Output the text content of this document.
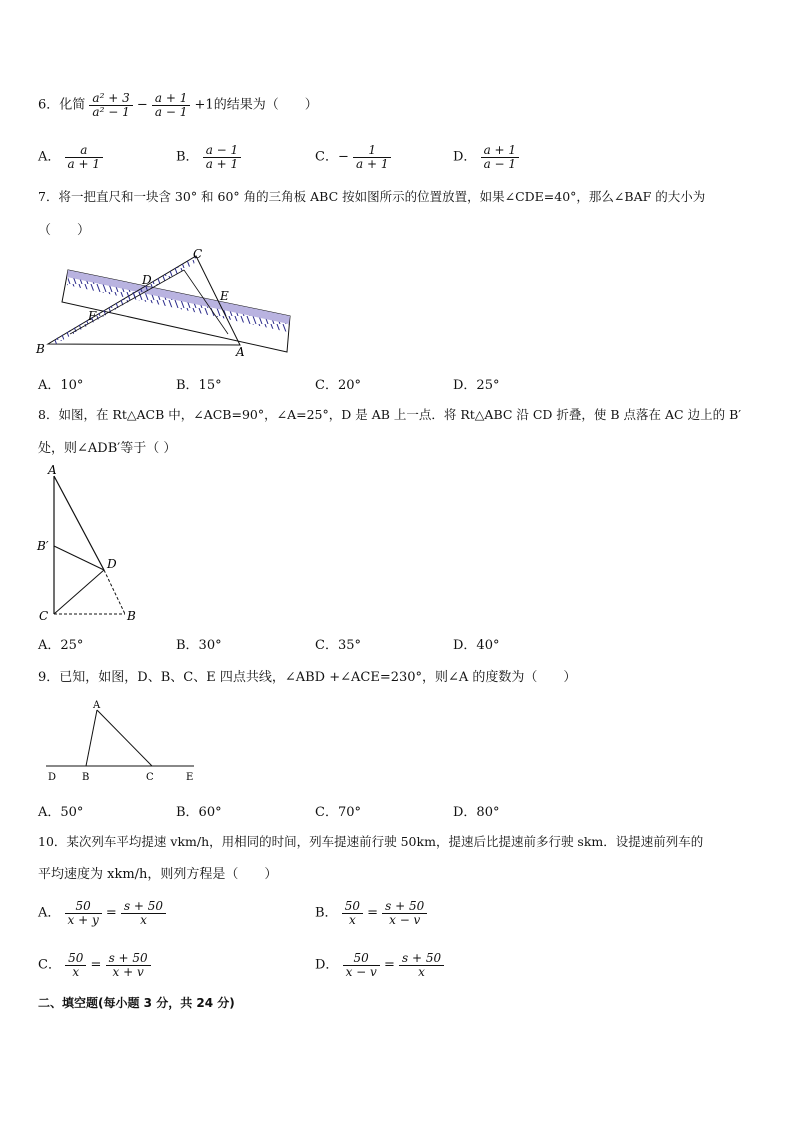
6．化简 $\frac{\text{a² + 3}}{\text{a² − 1}} - \frac{a + 1}{a - 1} +1$的结果为（　　）
A． $\frac{a}{a + 1}$	B． $\frac{a - 1}{a + 1}$	C．− $\frac{1}{a + 1}$	D． $\frac{a + 1}{a - 1}$
7．将一把直尺和一块含 30° 和 60° 角的三角板 ABC 按如图所示的位置放置，如果∠CDE=40°，那么∠BAF 的大小为
（　　）
C
D
E
F
B	A
A．10°	B．15°	C．20°	D．25°
8．如图，在 Rt△ACB 中，∠ACB=90°，∠A=25°，D 是 AB 上一点．将 Rt△ABC 沿 CD 折叠，使 B 点落在 AC 边上的 B′
处，则∠ADB′等于（ ）
A
B′
D
C	B
A．25°	B．30°	C．35°	D．40°
9．已知，如图，D、B、C、E 四点共线，∠ABD +∠ACE=230°，则∠A 的度数为（　　）
A
D	B	C	E
A．50°	B．60°	C．70°	D．80°
10．某次列车平均提速 vkm/h，用相同的时间，列车提速前行驶 50km，提速后比提速前多行驶 skm．设提速前列车的
平均速度为 xkm/h，则列方程是（　　）
A． $\frac{50}{x + y} = \frac{s + 50}{x}$	B． $\frac{50}{x} = \frac{s + 50}{x - v}$
C． $\frac{50}{x} = \frac{s + 50}{x + v}$	D． $\frac{50}{x - v} = \frac{s + 50}{x}$
二、填空题(每小题 3 分，共 24 分)
